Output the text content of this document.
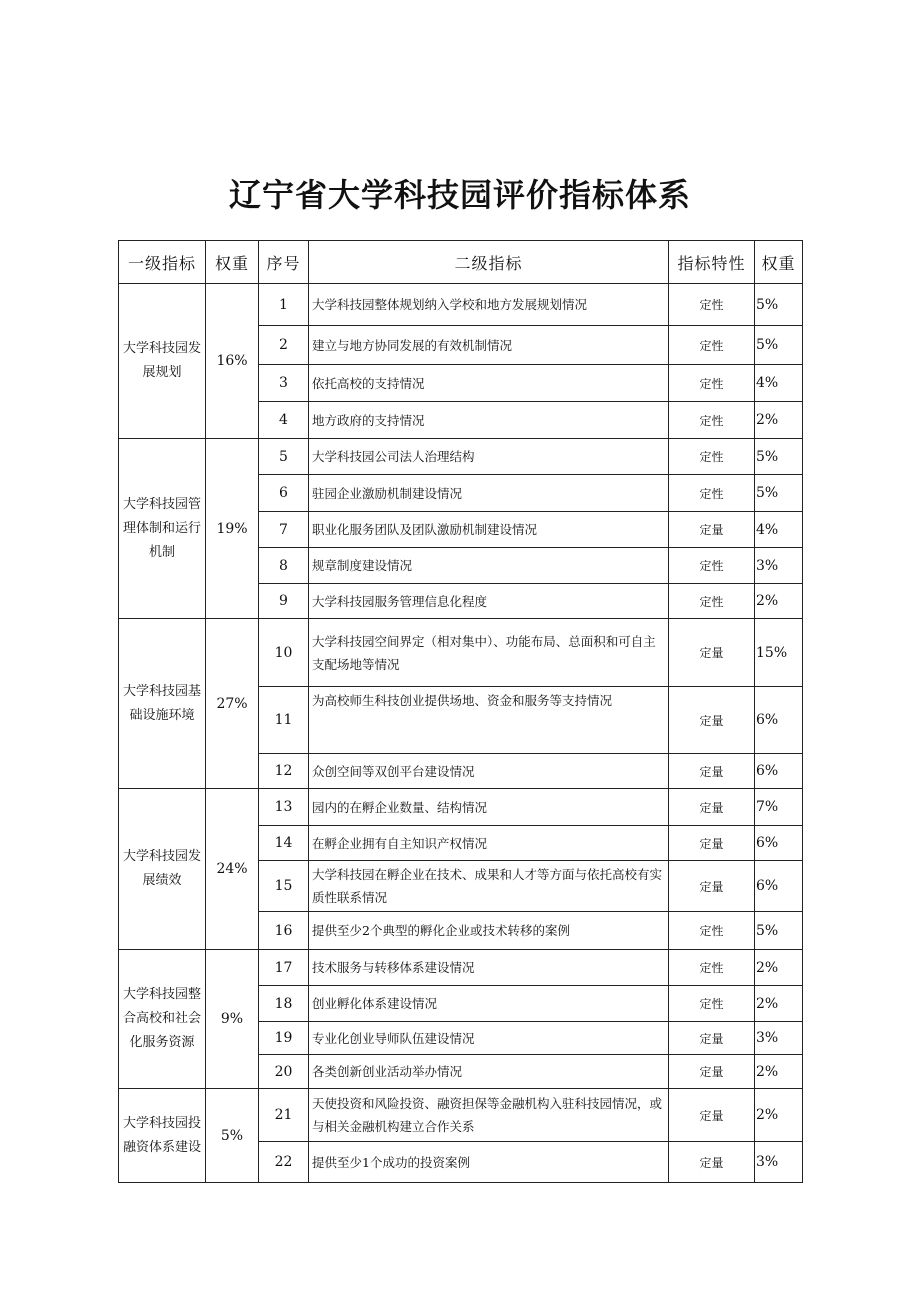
辽宁省大学科技园评价指标体系
一级指标	权重	序号	二级指标	指标特性	权重
大学科技园发展规划	16%	1	大学科技园整体规划纳入学校和地方发展规划情况	定性	5%
		2	建立与地方协同发展的有效机制情况	定性	5%
		3	依托高校的支持情况	定性	4%
		4	地方政府的支持情况	定性	2%
大学科技园管理体制和运行机制	19%	5	大学科技园公司法人治理结构	定性	5%
		6	驻园企业激励机制建设情况	定性	5%
		7	职业化服务团队及团队激励机制建设情况	定量	4%
		8	规章制度建设情况	定性	3%
		9	大学科技园服务管理信息化程度	定性	2%
大学科技园基础设施环境	27%	10	大学科技园空间界定（相对集中）、功能布局、总面积和可自主支配场地等情况	定量	15%
		11	为高校师生科技创业提供场地、资金和服务等支持情况	定量	6%
		12	众创空间等双创平台建设情况	定量	6%
大学科技园发展绩效	24%	13	园内的在孵企业数量、结构情况	定量	7%
		14	在孵企业拥有自主知识产权情况	定量	6%
		15	大学科技园在孵企业在技术、成果和人才等方面与依托高校有实质性联系情况	定量	6%
		16	提供至少2个典型的孵化企业或技术转移的案例	定性	5%
大学科技园整合高校和社会化服务资源	9%	17	技术服务与转移体系建设情况	定性	2%
		18	创业孵化体系建设情况	定性	2%
		19	专业化创业导师队伍建设情况	定量	3%
		20	各类创新创业活动举办情况	定量	2%
大学科技园投融资体系建设	5%	21	天使投资和风险投资、融资担保等金融机构入驻科技园情况，或与相关金融机构建立合作关系	定量	2%
		22	提供至少1个成功的投资案例	定量	3%
